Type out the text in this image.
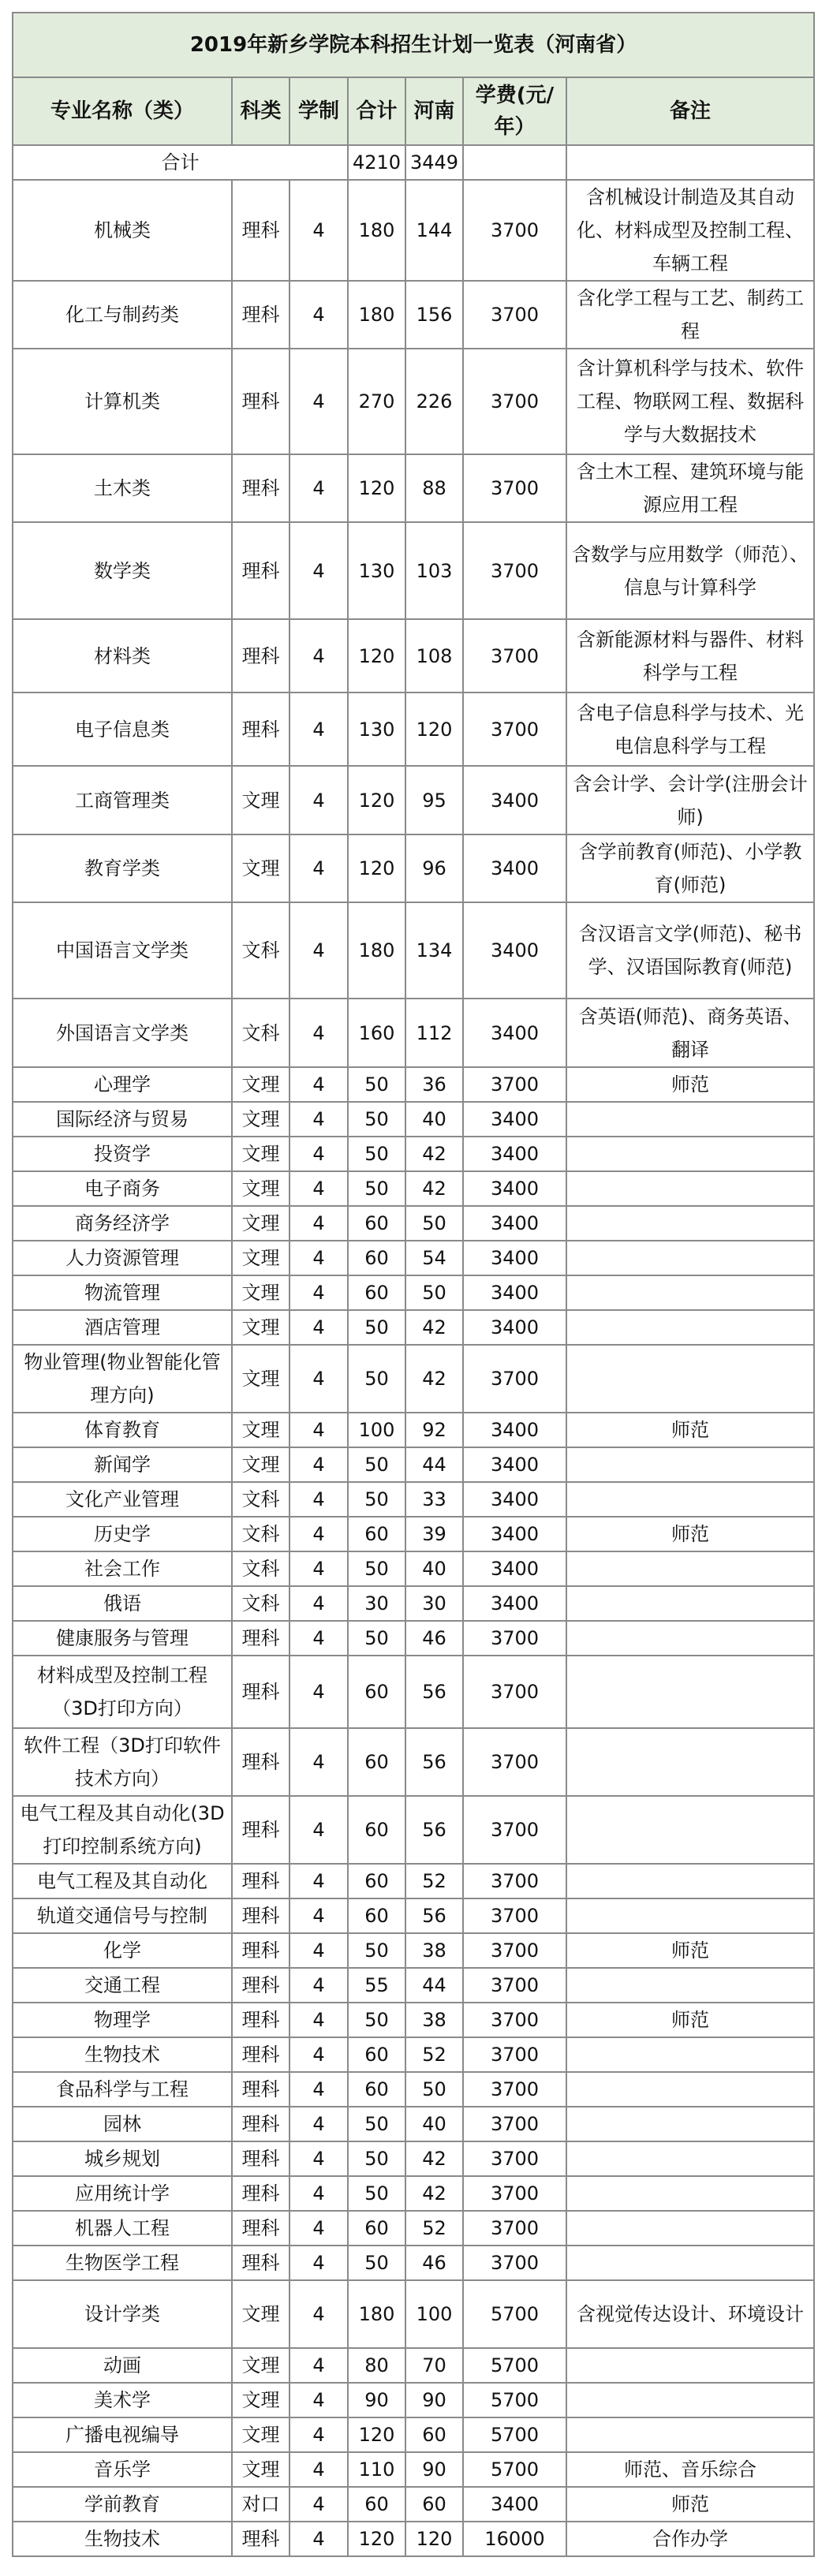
2019年新乡学院本科招生计划一览表（河南省）						
专业名称（类）	科类	学制	合计	河南	学费(元/年）	备注
合计			4210	3449		
机械类	理科	4	180	144	3700	含机械设计制造及其自动化、材料成型及控制工程、车辆工程
化工与制药类	理科	4	180	156	3700	含化学工程与工艺、制药工程
计算机类	理科	4	270	226	3700	含计算机科学与技术、软件工程、物联网工程、数据科学与大数据技术
土木类	理科	4	120	88	3700	含土木工程、建筑环境与能源应用工程
数学类	理科	4	130	103	3700	含数学与应用数学（师范）、信息与计算科学
材料类	理科	4	120	108	3700	含新能源材料与器件、材料科学与工程
电子信息类	理科	4	130	120	3700	含电子信息科学与技术、光电信息科学与工程
工商管理类	文理	4	120	95	3400	含会计学、会计学(注册会计师)
教育学类	文理	4	120	96	3400	含学前教育(师范)、小学教育(师范)
中国语言文学类	文科	4	180	134	3400	含汉语言文学(师范)、秘书学、汉语国际教育(师范)
外国语言文学类	文科	4	160	112	3400	含英语(师范)、商务英语、翻译
心理学	文理	4	50	36	3700	师范
国际经济与贸易	文理	4	50	40	3400	
投资学	文理	4	50	42	3400	
电子商务	文理	4	50	42	3400	
商务经济学	文理	4	60	50	3400	
人力资源管理	文理	4	60	54	3400	
物流管理	文理	4	60	50	3400	
酒店管理	文理	4	50	42	3400	
物业管理(物业智能化管理方向)	文理	4	50	42	3700	
体育教育	文理	4	100	92	3400	师范
新闻学	文理	4	50	44	3400	
文化产业管理	文科	4	50	33	3400	
历史学	文科	4	60	39	3400	师范
社会工作	文科	4	50	40	3400	
俄语	文科	4	30	30	3400	
健康服务与管理	理科	4	50	46	3700	
材料成型及控制工程（3D打印方向）	理科	4	60	56	3700	
软件工程（3D打印软件技术方向）	理科	4	60	56	3700	
电气工程及其自动化(3D 打印控制系统方向)	理科	4	60	56	3700	
电气工程及其自动化	理科	4	60	52	3700	
轨道交通信号与控制	理科	4	60	56	3700	
化学	理科	4	50	38	3700	师范
交通工程	理科	4	55	44	3700	
物理学	理科	4	50	38	3700	师范
生物技术	理科	4	60	52	3700	
食品科学与工程	理科	4	60	50	3700	
园林	理科	4	50	40	3700	
城乡规划	理科	4	50	42	3700	
应用统计学	理科	4	50	42	3700	
机器人工程	理科	4	60	52	3700	
生物医学工程	理科	4	50	46	3700	
设计学类	文理	4	180	100	5700	含视觉传达设计、环境设计
动画	文理	4	80	70	5700	
美术学	文理	4	90	90	5700	
广播电视编导	文理	4	120	60	5700	
音乐学	文理	4	110	90	5700	师范、音乐综合
学前教育	对口	4	60	60	3400	师范
生物技术	理科	4	120	120	16000	合作办学
